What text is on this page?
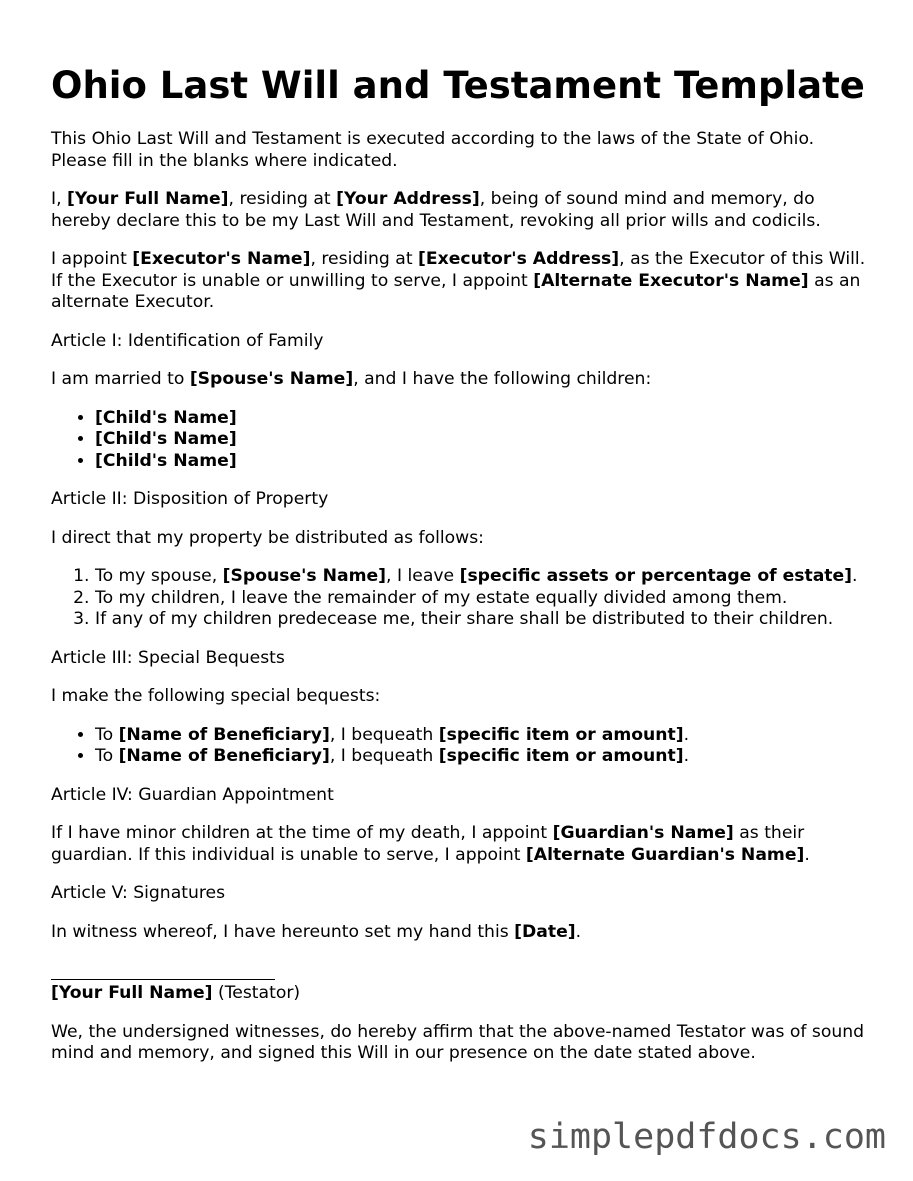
Ohio Last Will and Testament Template

This Ohio Last Will and Testament is executed according to the laws of the State of Ohio. Please fill in the blanks where indicated.

I, [Your Full Name], residing at [Your Address], being of sound mind and memory, do hereby declare this to be my Last Will and Testament, revoking all prior wills and codicils.

I appoint [Executor's Name], residing at [Executor's Address], as the Executor of this Will. If the Executor is unable or unwilling to serve, I appoint [Alternate Executor's Name] as an alternate Executor.

Article I: Identification of Family

I am married to [Spouse's Name], and I have the following children:

• [Child's Name]
• [Child's Name]
• [Child's Name]

Article II: Disposition of Property

I direct that my property be distributed as follows:

1. To my spouse, [Spouse's Name], I leave [specific assets or percentage of estate].
2. To my children, I leave the remainder of my estate equally divided among them.
3. If any of my children predecease me, their share shall be distributed to their children.

Article III: Special Bequests

I make the following special bequests:

• To [Name of Beneficiary], I bequeath [specific item or amount].
• To [Name of Beneficiary], I bequeath [specific item or amount].

Article IV: Guardian Appointment

If I have minor children at the time of my death, I appoint [Guardian's Name] as their guardian. If this individual is unable to serve, I appoint [Alternate Guardian's Name].

Article V: Signatures

In witness whereof, I have hereunto set my hand this [Date].

[Your Full Name] (Testator)

We, the undersigned witnesses, do hereby affirm that the above-named Testator was of sound mind and memory, and signed this Will in our presence on the date stated above.

simplepdfdocs.com
